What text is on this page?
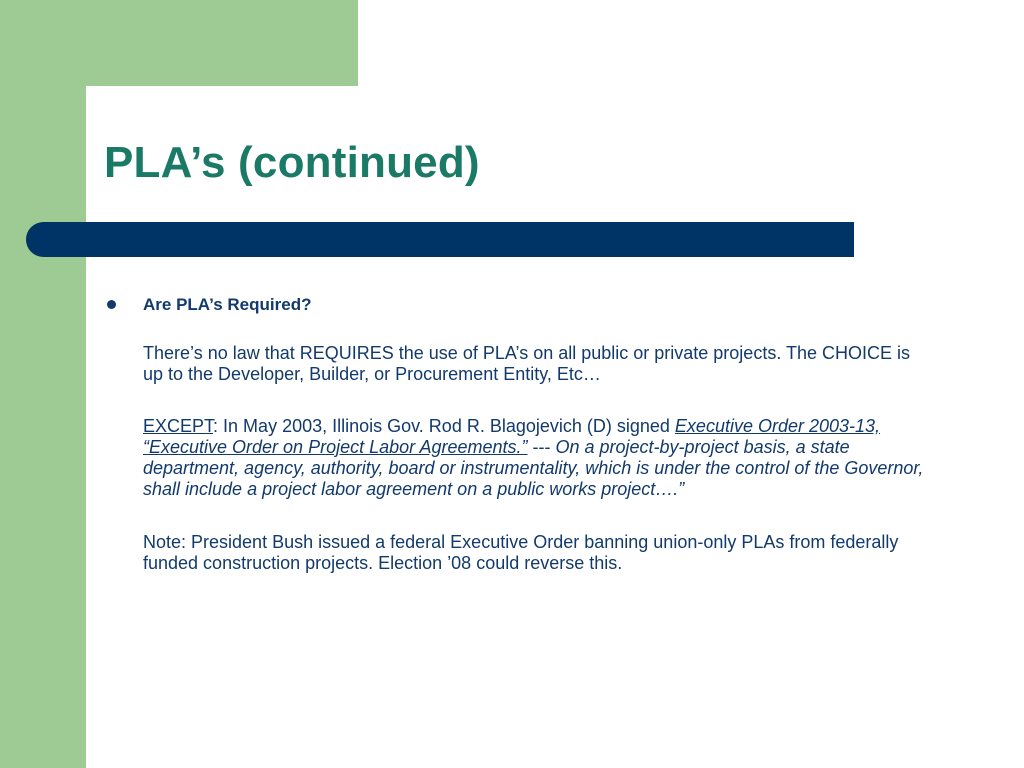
PLA’s (continued)
Are PLA’s Required?

There’s no law that REQUIRES the use of PLA’s on all public or private projects. The CHOICE is up to the Developer, Builder, or Procurement Entity, Etc…

EXCEPT: In May 2003, Illinois Gov. Rod R. Blagojevich (D) signed Executive Order 2003-13, “Executive Order on Project Labor Agreements.” --- On a project-by-project basis, a state department, agency, authority, board or instrumentality, which is under the control of the Governor, shall include a project labor agreement on a public works project….”

Note: President Bush issued a federal Executive Order banning union-only PLAs from federally funded construction projects. Election ’08 could reverse this.
